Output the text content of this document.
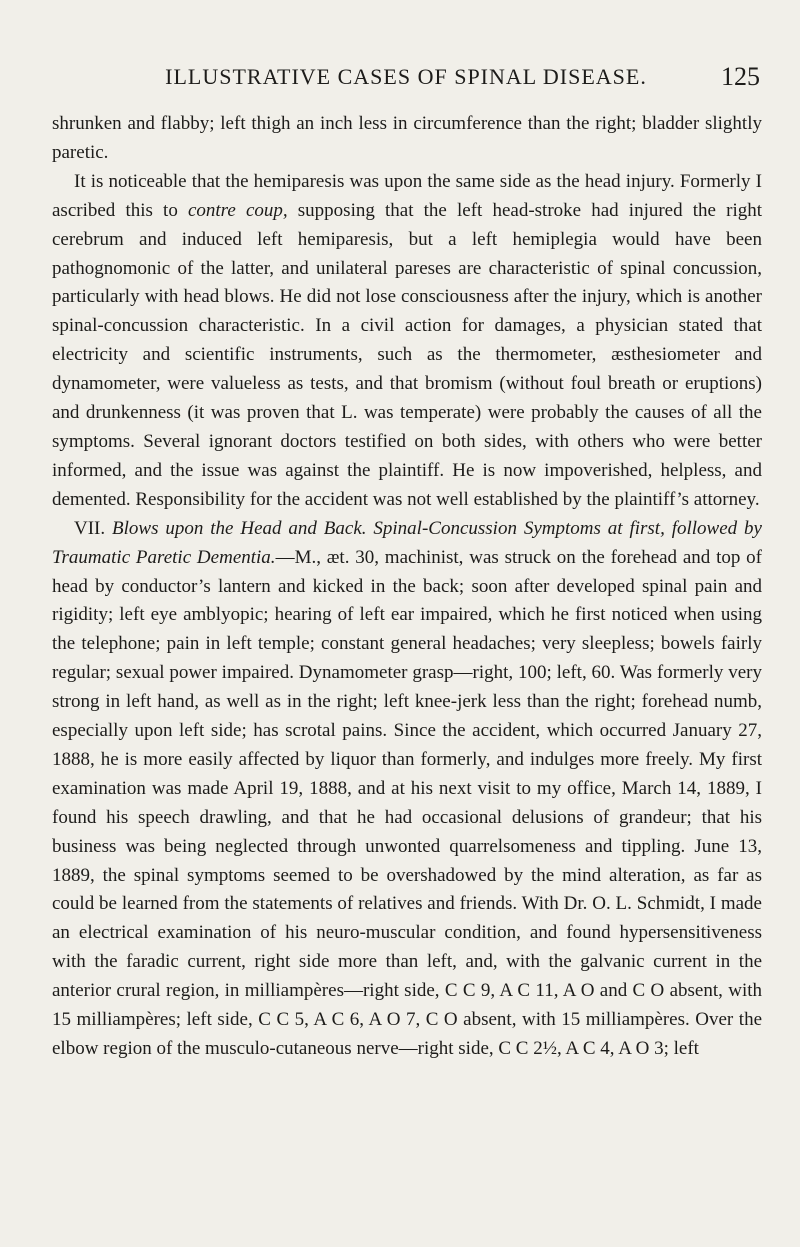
ILLUSTRATIVE CASES OF SPINAL DISEASE.	125

shrunken and flabby; left thigh an inch less in circumference than the right; bladder slightly paretic.

It is noticeable that the hemiparesis was upon the same side as the head injury. Formerly I ascribed this to contre coup, supposing that the left head-stroke had injured the right cerebrum and induced left hemiparesis, but a left hemiplegia would have been pathognomonic of the latter, and unilateral pareses are characteristic of spinal concussion, particularly with head blows. He did not lose consciousness after the injury, which is another spinal-concussion characteristic. In a civil action for damages, a physician stated that electricity and scientific instruments, such as the thermometer, æsthesiometer and dynamometer, were valueless as tests, and that bromism (without foul breath or eruptions) and drunkenness (it was proven that L. was temperate) were probably the causes of all the symptoms. Several ignorant doctors testified on both sides, with others who were better informed, and the issue was against the plaintiff. He is now impoverished, helpless, and demented. Responsibility for the accident was not well established by the plaintiff’s attorney.

VII. Blows upon the Head and Back. Spinal-Concussion Symptoms at first, followed by Traumatic Paretic Dementia.—M., æt. 30, machinist, was struck on the forehead and top of head by conductor’s lantern and kicked in the back; soon after developed spinal pain and rigidity; left eye amblyopic; hearing of left ear impaired, which he first noticed when using the telephone; pain in left temple; constant general headaches; very sleepless; bowels fairly regular; sexual power impaired. Dynamometer grasp—right, 100; left, 60. Was formerly very strong in left hand, as well as in the right; left knee-jerk less than the right; forehead numb, especially upon left side; has scrotal pains. Since the accident, which occurred January 27, 1888, he is more easily affected by liquor than formerly, and indulges more freely. My first examination was made April 19, 1888, and at his next visit to my office, March 14, 1889, I found his speech drawling, and that he had occasional delusions of grandeur; that his business was being neglected through unwonted quarrelsomeness and tippling. June 13, 1889, the spinal symptoms seemed to be overshadowed by the mind alteration, as far as could be learned from the statements of relatives and friends. With Dr. O. L. Schmidt, I made an electrical examination of his neuro-muscular condition, and found hypersensitiveness with the faradic current, right side more than left, and, with the galvanic current in the anterior crural region, in milliampères—right side, C C 9, A C 11, A O and C O absent, with 15 milliampères; left side, C C 5, A C 6, A O 7, C O absent, with 15 milliampères. Over the elbow region of the musculo-cutaneous nerve—right side, C C 2½, A C 4, A O 3; left
